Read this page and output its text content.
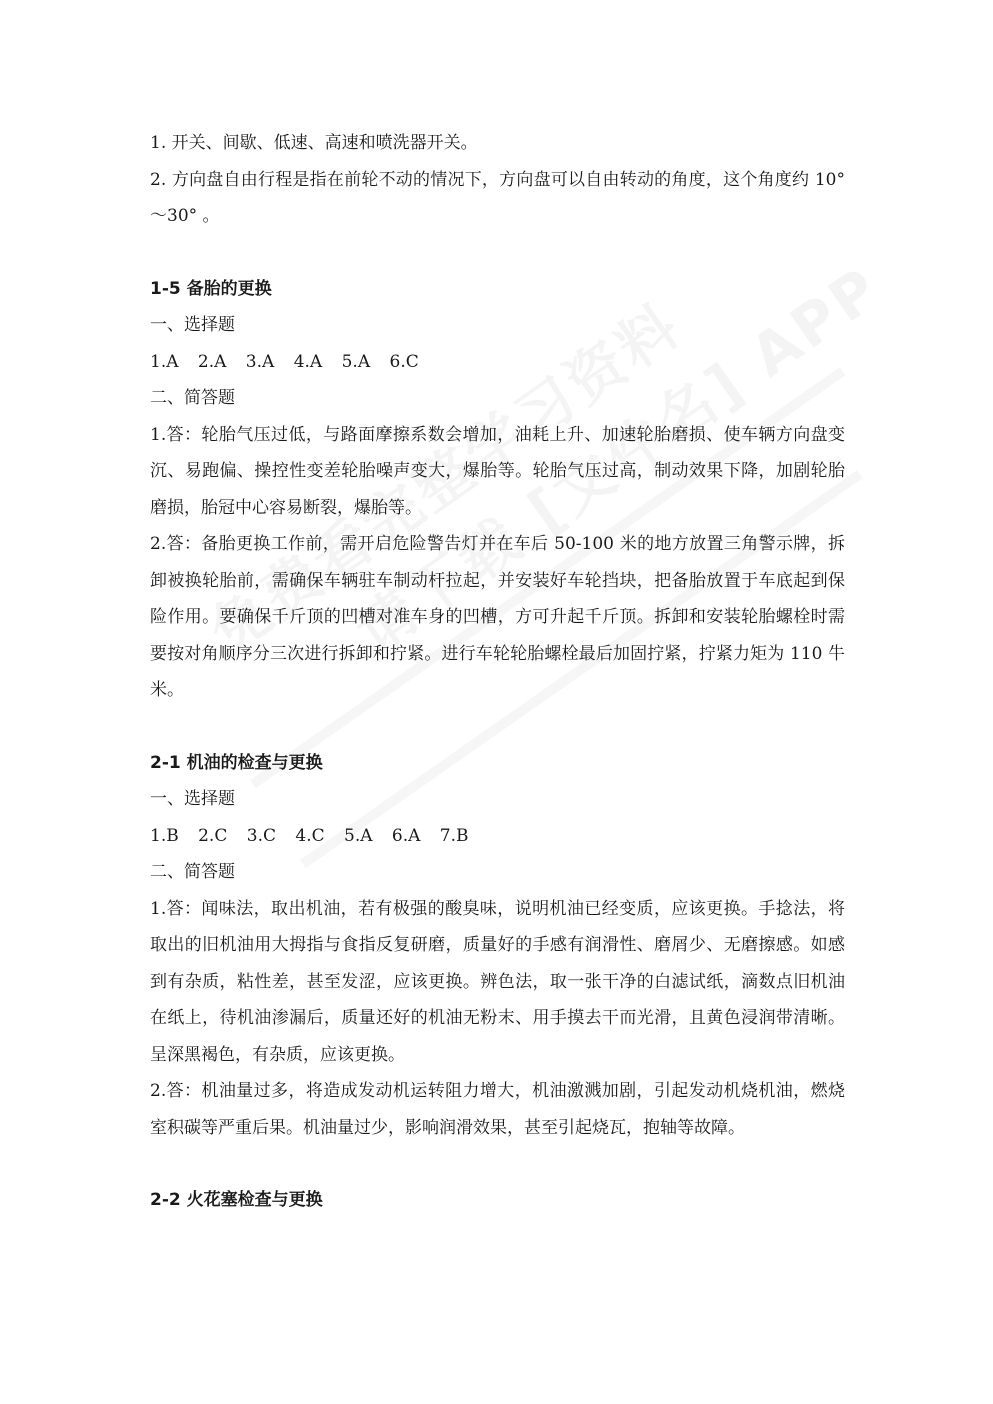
1. 开关、间歇、低速、高速和喷洗器开关。

2. 方向盘自由行程是指在前轮不动的情况下，方向盘可以自由转动的角度，这个角度约 10° ～30° 。

1-5 备胎的更换

一、选择题

1.A 2.A 3.A 4.A 5.A 6.C

二、简答题

1.答：轮胎气压过低，与路面摩擦系数会增加，油耗上升、加速轮胎磨损、使车辆方向盘变沉、易跑偏、操控性变差轮胎噪声变大，爆胎等。轮胎气压过高，制动效果下降，加剧轮胎磨损，胎冠中心容易断裂，爆胎等。

2.答：备胎更换工作前，需开启危险警告灯并在车后 50-100 米的地方放置三角警示牌，拆卸被换轮胎前，需确保车辆驻车制动杆拉起，并安装好车轮挡块，把备胎放置于车底起到保险作用。要确保千斤顶的凹槽对准车身的凹槽，方可升起千斤顶。拆卸和安装轮胎螺栓时需要按对角顺序分三次进行拆卸和拧紧。进行车轮轮胎螺栓最后加固拧紧，拧紧力矩为 110 牛米。

2-1 机油的检查与更换

一、选择题

1.B 2.C 3.C 4.C 5.A 6.A 7.B

二、简答题

1.答：闻味法，取出机油，若有极强的酸臭味，说明机油已经变质，应该更换。手捻法，将取出的旧机油用大拇指与食指反复研磨，质量好的手感有润滑性、磨屑少、无磨擦感。如感到有杂质，粘性差，甚至发涩，应该更换。辨色法，取一张干净的白滤试纸，滴数点旧机油在纸上，待机油渗漏后，质量还好的机油无粉末、用手摸去干而光滑，且黄色浸润带清晰。呈深黑褐色，有杂质，应该更换。

2.答：机油量过多，将造成发动机运转阻力增大，机油激溅加剧，引起发动机烧机油，燃烧室积碳等严重后果。机油量过少，影响润滑效果，甚至引起烧瓦，抱轴等故障。

2-2 火花塞检查与更换
